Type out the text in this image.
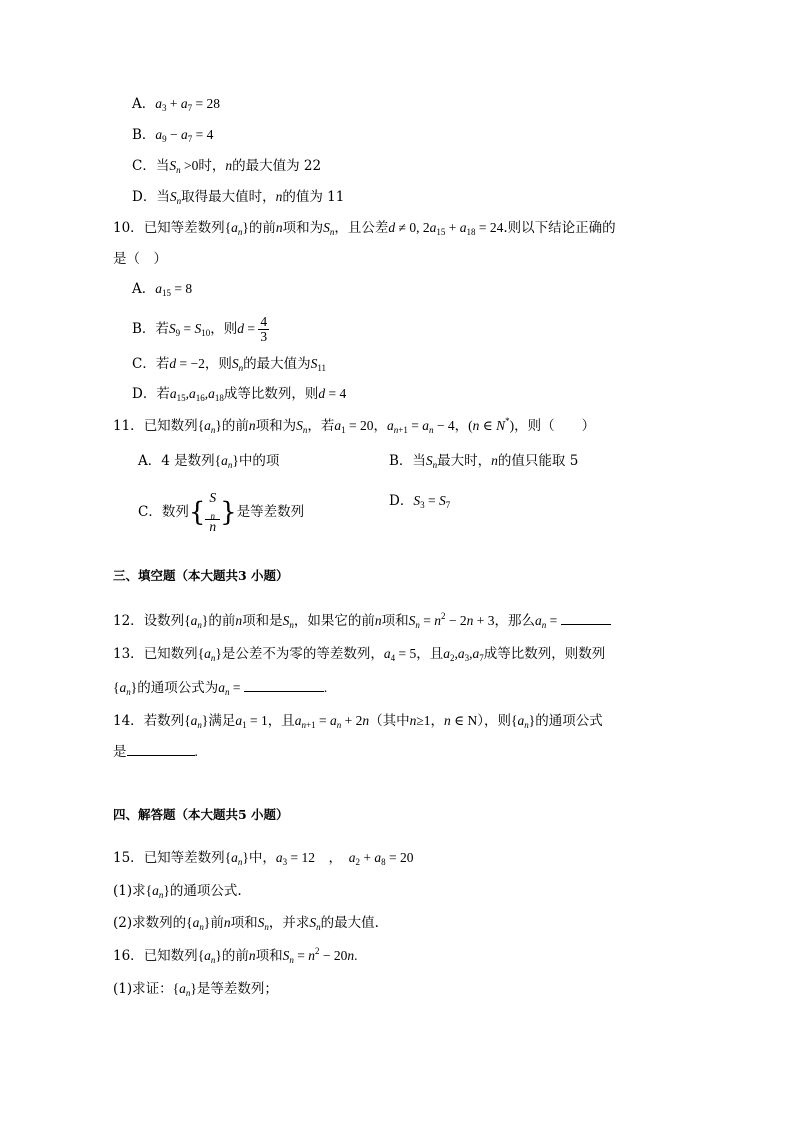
A．$a_3 + a_7 = 28$
B．$a_9 - a_7 = 4$
C．当$S_n >0$时，n的最大值为 22
D．当$S_n$取得最大值时，n的值为 11
10．已知等差数列$\{a_n\}$的前n项和为$S_n$，且公差d ≠ 0, $2a_{15} + a_{18} = 24$.则以下结论正确的
是（　）
A．$a_{15} = 8$
B．若$S_9 = S_{10}$，则$d = \frac{4}{3}$
C．若d = −2，则$S_n$的最大值为$S_{11}$
D．若$a_{15},a_{16},a_{18}$成等比数列，则d = 4
11．已知数列$\{a_n\}$的前n项和为$S_n$，若$a_1 = 20$，$a_{n+1} = a_n - 4$，(n ∈ N*)，则（　　）
A．4 是数列$\{a_n\}$中的项	B．当$S_n$最大时，n的值只能取 5
C．数列{ S
$_n$
n }是等差数列
D．$S_3 = S_7$
三、填空题（本大题共3 小题）
12．设数列$\{a_n\}$的前n项和是$S_n$，如果它的前n项和$S_n = n^2 - 2n + 3$，那么$a_n$ =
13．已知数列$\{a_n\}$是公差不为零的等差数列，$a_4 = 5$，且$a_2,a_3,a_7$成等比数列，则数列
$\{a_n\}$的通项公式为$a_n$ =	.
14．若数列$\{a_n\}$满足$a_1 = 1$，且$a_{n+1} = a_n + 2n$（其中n≥1，n ∈ N），则$\{a_n\}$的通项公式
是	.
四、解答题（本大题共5 小题）
15．已知等差数列$\{a_n\}$中，$a_3 = 12$　，　$a_2 + a_8 = 20$
(1)求$\{a_n\}$的通项公式.
(2)求数列的$\{a_n\}$前n项和$S_n$，并求$S_n$的最大值.
16．已知数列$\{a_n\}$的前n项和$S_n = n^2 - 20n$.
(1)求证：$\{a_n\}$是等差数列；
